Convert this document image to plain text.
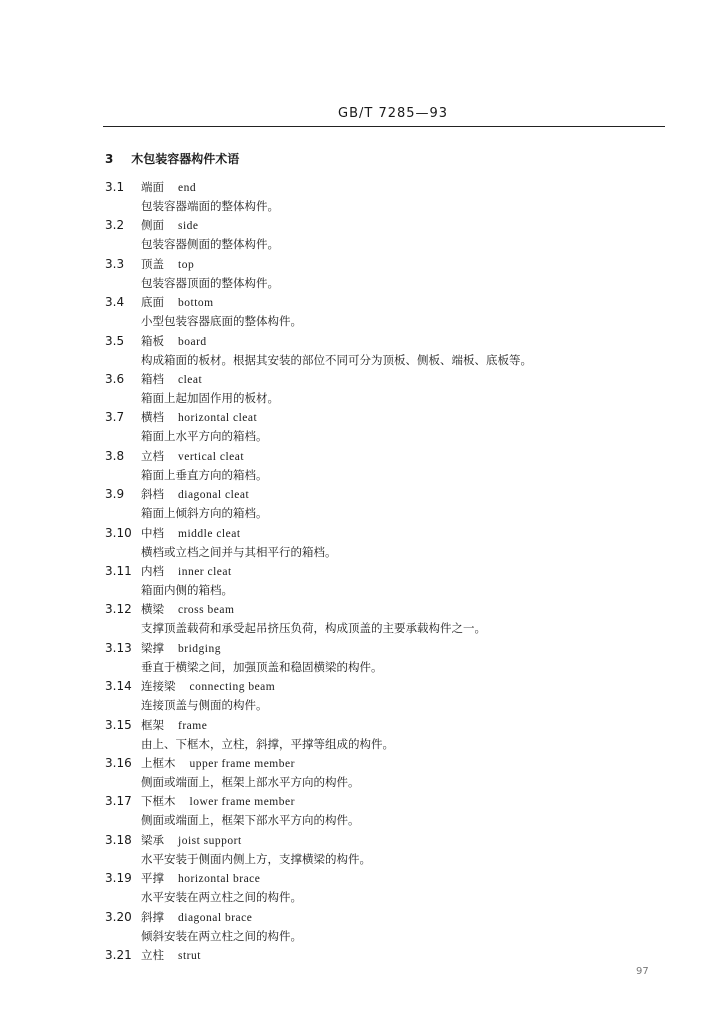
GB/T 7285—93
3 木包装容器构件术语
3.1 端面 end
包装容器端面的整体构件。
3.2 侧面 side
包装容器侧面的整体构件。
3.3 顶盖 top
包装容器顶面的整体构件。
3.4 底面 bottom
小型包装容器底面的整体构件。
3.5 箱板 board
构成箱面的板材。根据其安装的部位不同可分为顶板、侧板、端板、底板等。
3.6 箱档 cleat
箱面上起加固作用的板材。
3.7 横档 horizontal cleat
箱面上水平方向的箱档。
3.8 立档 vertical cleat
箱面上垂直方向的箱档。
3.9 斜档 diagonal cleat
箱面上倾斜方向的箱档。
3.10 中档 middle cleat
横档或立档之间并与其相平行的箱档。
3.11 内档 inner cleat
箱面内侧的箱档。
3.12 横梁 cross beam
支撑顶盖载荷和承受起吊挤压负荷，构成顶盖的主要承载构件之一。
3.13 梁撑 bridging
垂直于横梁之间，加强顶盖和稳固横梁的构件。
3.14 连接梁 connecting beam
连接顶盖与侧面的构件。
3.15 框架 frame
由上、下框木，立柱，斜撑，平撑等组成的构件。
3.16 上框木 upper frame member
侧面或端面上，框架上部水平方向的构件。
3.17 下框木 lower frame member
侧面或端面上，框架下部水平方向的构件。
3.18 梁承 joist support
水平安装于侧面内侧上方，支撑横梁的构件。
3.19 平撑 horizontal brace
水平安装在两立柱之间的构件。
3.20 斜撑 diagonal brace
倾斜安装在两立柱之间的构件。
3.21 立柱 strut
97
